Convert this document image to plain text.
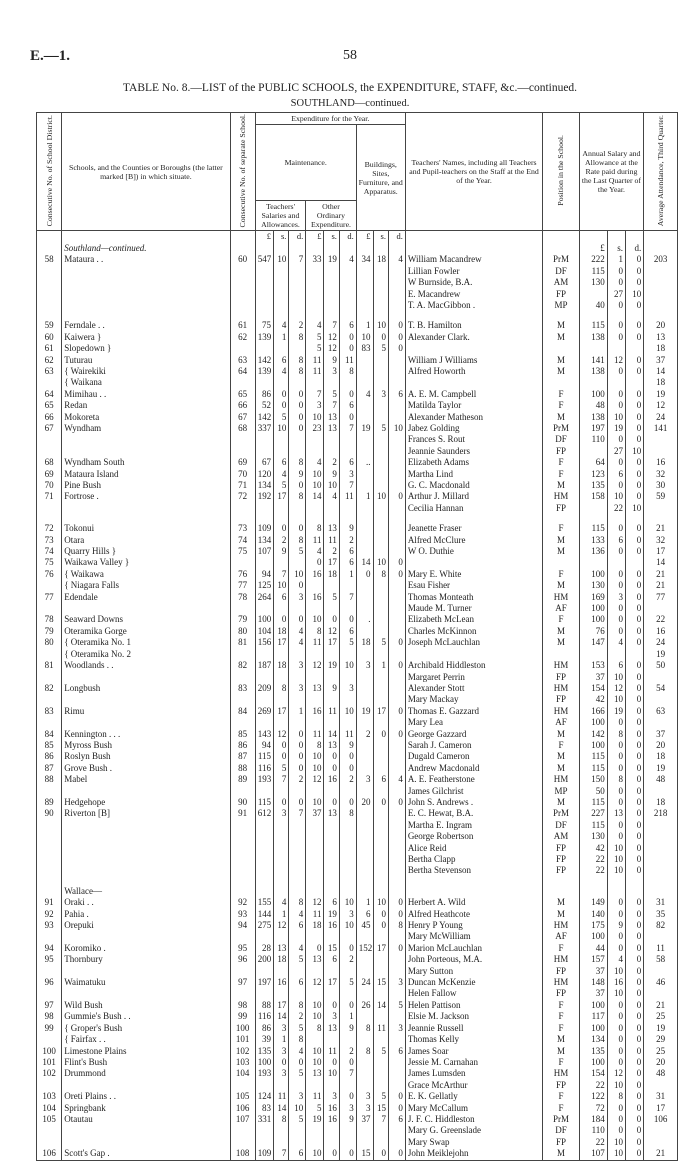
E.—1.	58
TABLE No. 8.—LIST of the PUBLIC SCHOOLS, the EXPENDITURE, STAFF, &c.—continued.
SOUTHLAND—continued.
Consecutive No. of School District.	Schools, and the Counties or Boroughs (the latter marked [B]) in which situate.	Consecutive No. of separate School.	Expenditure for the Year.									Teachers' Names, including all Teachers and Pupil-teachers on the Staff at the End of the Year.	Position in the School.	Annual Salary and Allowance at the Rate paid during the Last Quarter of the Year.			Average Attendance, Third Quarter.
			Maintenance.						Buildings, Sites, Furniture, and Apparatus.								
			Teachers' Salaries and Allowances.			Other Ordinary Expenditure.											
			£	s.	d.	£	s.	d.	£	s.	d.						
	Southland—continued.													£	s.	d.	
58	Mataura . .	60	547	10	7	33	19	4	34	18	4	William Macandrew	PrM	222	1	0	203
												Lillian Fowler	DF	115	0	0	
												W Burnside, B.A.	AM	130	0	0	
												E. Macandrew	FP		27	10	
												T. A. MacGibbon .	MP	40	0	0	
59	Ferndale . .	61	75	4	2	4	7	6	1	10	0	T. B. Hamilton	M	115	0	0	20
60	Kaiwera }	62	139	1	8	5	12	0	10	0	0	Alexander Clark.	M	138	0	0	13
61	Slopedown }					5	12	0	83	5	0						18
62	Tuturau	63	142	6	8	11	9	11				William J Williams	M	141	12	0	37
63	{ Wairekiki	64	139	4	8	11	3	8				Alfred Howorth	M	138	0	0	14
	{ Waikana																18
64	Mimihau . .	65	86	0	0	7	5	0	4	3	6	A. E. M. Campbell	F	100	0	0	19
65	Redan	66	52	0	0	3	7	6				Matilda Taylor	F	48	0	0	12
66	Mokoreta	67	142	5	0	10	13	0				Alexander Matheson	M	138	10	0	24
67	Wyndham	68	337	10	0	23	13	7	19	5	10	Jabez Golding	PrM	197	19	0	141
												Frances S. Rout	DF	110	0	0	
												Jeannie Saunders	FP		27	10	
68	Wyndham South	69	67	6	8	4	2	6	..			Elizabeth Adams	F	64	0	0	16
69	Mataura Island	70	120	4	9	10	9	3				Martha Lind	F	123	6	0	32
70	Pine Bush	71	134	5	0	10	10	7				G. C. Macdonald	M	135	0	0	30
71	Fortrose .	72	192	17	8	14	4	11	1	10	0	Arthur J. Millard	HM	158	10	0	59
												Cecilia Hannan	FP		22	10	
72	Tokonui	73	109	0	0	8	13	9				Jeanette Fraser	F	115	0	0	21
73	Otara	74	134	2	8	11	11	2				Alfred McClure	M	133	6	0	32
74	Quarry Hills }	75	107	9	5	4	2	6				W O. Duthie	M	136	0	0	17
75	Waikawa Valley }					0	17	6	14	10	0						14
76	{ Waikawa	76	94	7	10	16	18	1	0	8	0	Mary E. White	F	100	0	0	21
	{ Niagara Falls	77	125	10	0							Esau Fisher	M	130	0	0	21
77	Edendale	78	264	6	3	16	5	7				Thomas Monteath	HM	169	3	0	77
												Maude M. Turner	AF	100	0	0	
78	Seaward Downs	79	100	0	0	10	0	0	.			Elizabeth McLean	F	100	0	0	22
79	Oteramika Gorge	80	104	18	4	8	12	6				Charles McKinnon	M	76	0	0	16
80	{ Oteramika No. 1	81	156	17	4	11	17	5	18	5	0	Joseph McLauchlan	M	147	4	0	24
	{ Oteramika No. 2																19
81	Woodlands . .	82	187	18	3	12	19	10	3	1	0	Archibald Hiddleston	HM	153	6	0	50
												Margaret Perrin	FP	37	10	0	
82	Longbush	83	209	8	3	13	9	3				Alexander Stott	HM	154	12	0	54
												Mary Mackay	FP	42	10	0	
83	Rimu	84	269	17	1	16	11	10	19	17	0	Thomas E. Gazzard	HM	166	19	0	63
												Mary Lea	AF	100	0	0	
84	Kennington . . .	85	143	12	0	11	14	11	2	0	0	George Gazzard	M	142	8	0	37
85	Myross Bush	86	94	0	0	8	13	9				Sarah J. Cameron	F	100	0	0	20
86	Roslyn Bush	87	115	0	0	10	0	0				Dugald Cameron	M	115	0	0	18
87	Grove Bush .	88	116	5	0	10	0	0				Andrew Macdonald	M	115	0	0	19
88	Mabel	89	193	7	2	12	16	2	3	6	4	A. E. Featherstone	HM	150	8	0	48
												James Gilchrist	MP	50	0	0	
89	Hedgehope	90	115	0	0	10	0	0	20	0	0	John S. Andrews .	M	115	0	0	18
90	Riverton [B]	91	612	3	7	37	13	8				E. C. Hewat, B.A.	PrM	227	13	0	218
												Martha E. Ingram	DF	115	0	0	
												George Robertson	AM	130	0	0	
												Alice Reid	FP	42	10	0	
												Bertha Clapp	FP	22	10	0	
												Bertha Stevenson	FP	22	10	0	
	Wallace—																
91	Oraki . .	92	155	4	8	12	6	10	1	10	0	Herbert A. Wild	M	149	0	0	31
92	Pahia .	93	144	1	4	11	19	3	6	0	0	Alfred Heathcote	M	140	0	0	35
93	Orepuki	94	275	12	6	18	16	10	45	0	8	Henry P Young	HM	175	9	0	82
												Mary McWilliam	AF	100	0	0	
94	Koromiko .	95	28	13	4	0	15	0	152	17	0	Marion McLauchlan	F	44	0	0	11
95	Thornbury	96	200	18	5	13	6	2				John Porteous, M.A.	HM	157	4	0	58
												Mary Sutton	FP	37	10	0	
96	Waimatuku	97	197	16	6	12	17	5	24	15	3	Duncan McKenzie	HM	148	16	0	46
												Helen Fallow	FP	37	10	0	
97	Wild Bush	98	88	17	8	10	0	0	26	14	5	Helen Pattison	F	100	0	0	21
98	Gummie's Bush . .	99	116	14	2	10	3	1				Elsie M. Jackson	F	117	0	0	25
99	{ Groper's Bush	100	86	3	5	8	13	9	8	11	3	Jeannie Russell	F	100	0	0	19
	{ Fairfax . .	101	39	1	8							Thomas Kelly	M	134	0	0	29
100	Limestone Plains	102	135	3	4	10	11	2	8	5	6	James Soar	M	135	0	0	25
101	Flint's Bush	103	100	0	0	10	0	0				Jessie M. Carnahan	F	100	0	0	20
102	Drummond	104	193	3	5	13	10	7				James Lumsden	HM	154	12	0	48
												Grace McArthur	FP	22	10	0	
103	Oreti Plains . .	105	124	11	3	11	3	0	3	5	0	E. K. Gellatly	F	122	8	0	31
104	Springbank	106	83	14	10	5	16	3	3	15	0	Mary McCallum	F	72	0	0	17
105	Otautau	107	331	8	5	19	16	9	37	7	6	J. F. C. Hiddleston	PrM	184	0	0	106
												Mary G. Greenslade	DF	110	0	0	
												Mary Swap	FP	22	10	0	
106	Scott's Gap .	108	109	7	6	10	0	0	15	0	0	John Meiklejohn	M	107	10	0	21
